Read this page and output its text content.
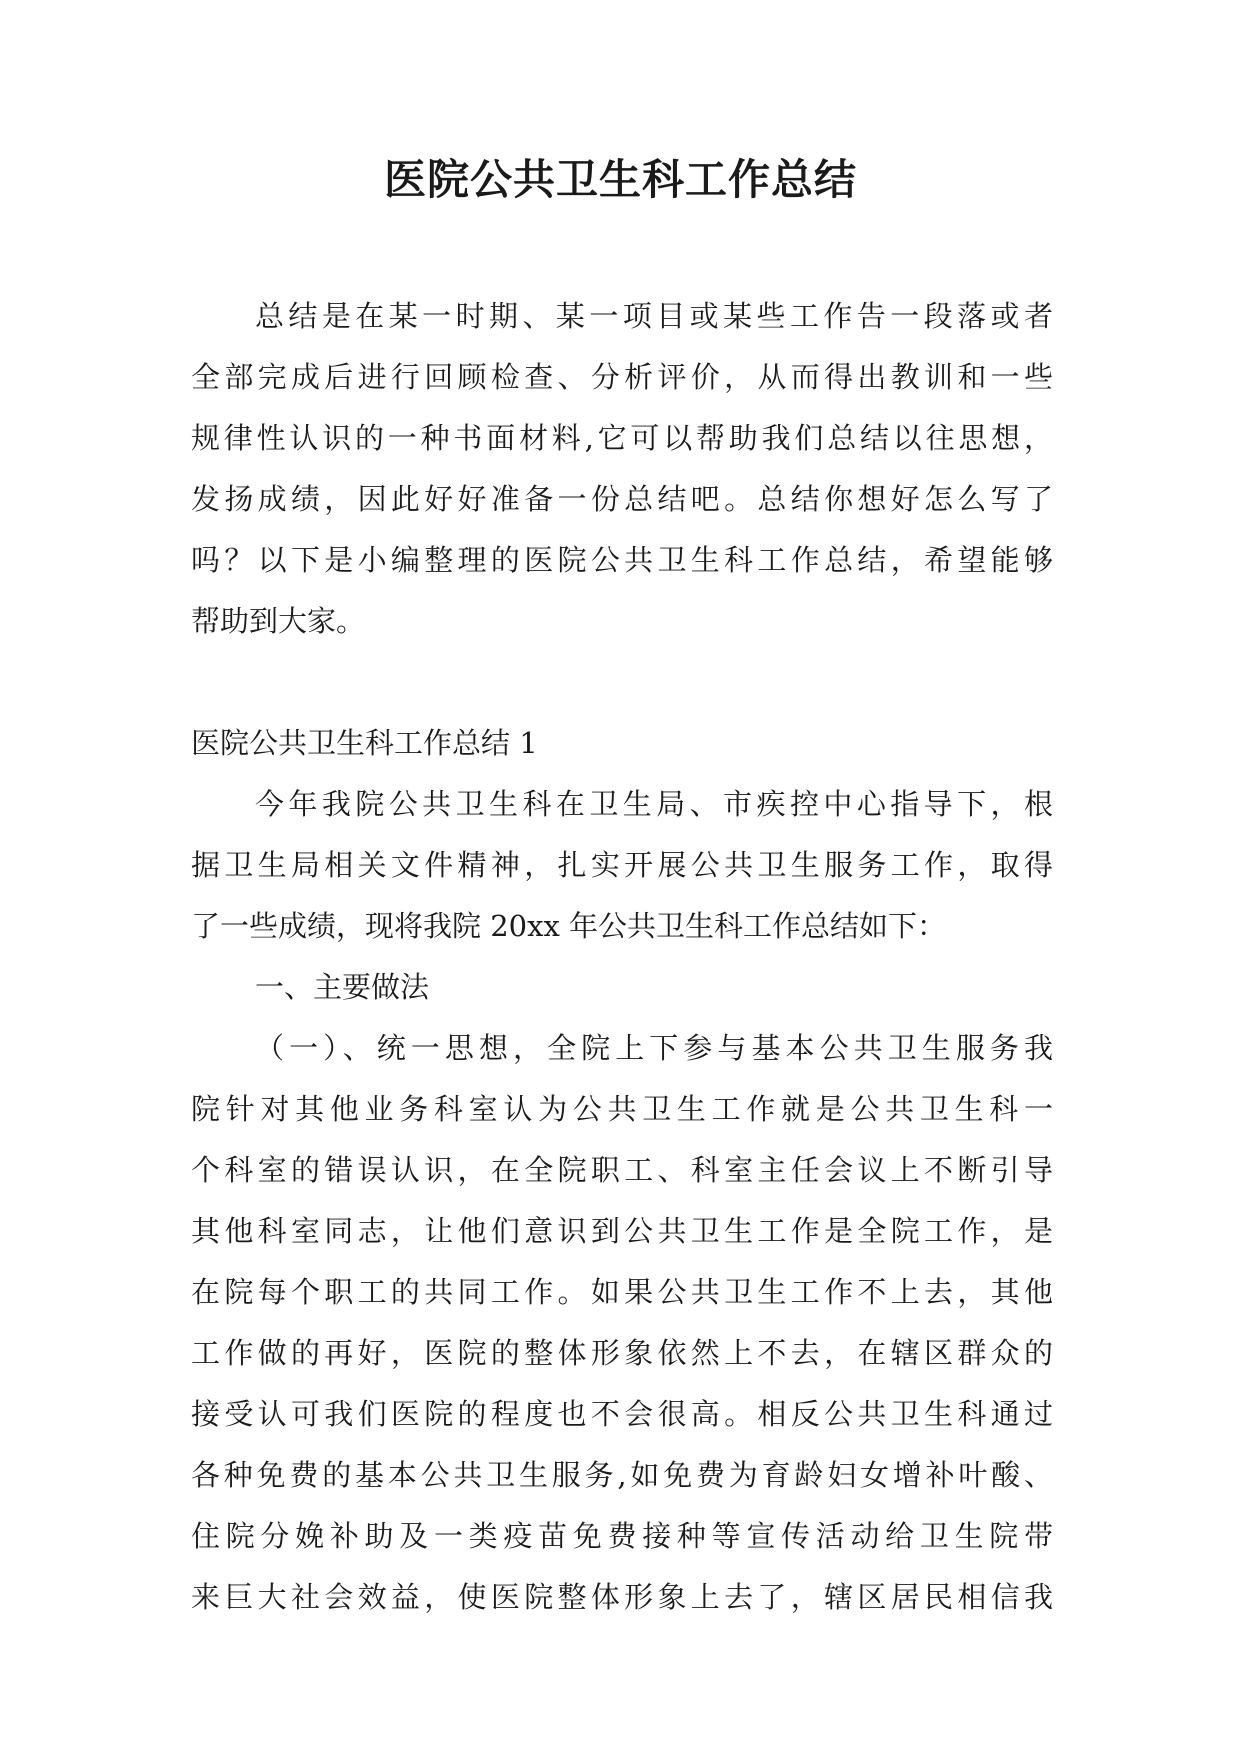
医院公共卫生科工作总结
总结是在某一时期、某一项目或某些工作告一段落或者
全部完成后进行回顾检查、分析评价，从而得出教训和一些
规律性认识的一种书面材料,它可以帮助我们总结以往思想，
发扬成绩，因此好好准备一份总结吧。总结你想好怎么写了
吗？以下是小编整理的医院公共卫生科工作总结，希望能够
帮助到大家。
医院公共卫生科工作总结 1
今年我院公共卫生科在卫生局、市疾控中心指导下，根
据卫生局相关文件精神，扎实开展公共卫生服务工作，取得
了一些成绩，现将我院 20xx 年公共卫生科工作总结如下：
一、主要做法
（一）、统一思想，全院上下参与基本公共卫生服务我
院针对其他业务科室认为公共卫生工作就是公共卫生科一
个科室的错误认识，在全院职工、科室主任会议上不断引导
其他科室同志，让他们意识到公共卫生工作是全院工作，是
在院每个职工的共同工作。如果公共卫生工作不上去，其他
工作做的再好，医院的整体形象依然上不去，在辖区群众的
接受认可我们医院的程度也不会很高。相反公共卫生科通过
各种免费的基本公共卫生服务,如免费为育龄妇女增补叶酸、
住院分娩补助及一类疫苗免费接种等宣传活动给卫生院带
来巨大社会效益，使医院整体形象上去了，辖区居民相信我
